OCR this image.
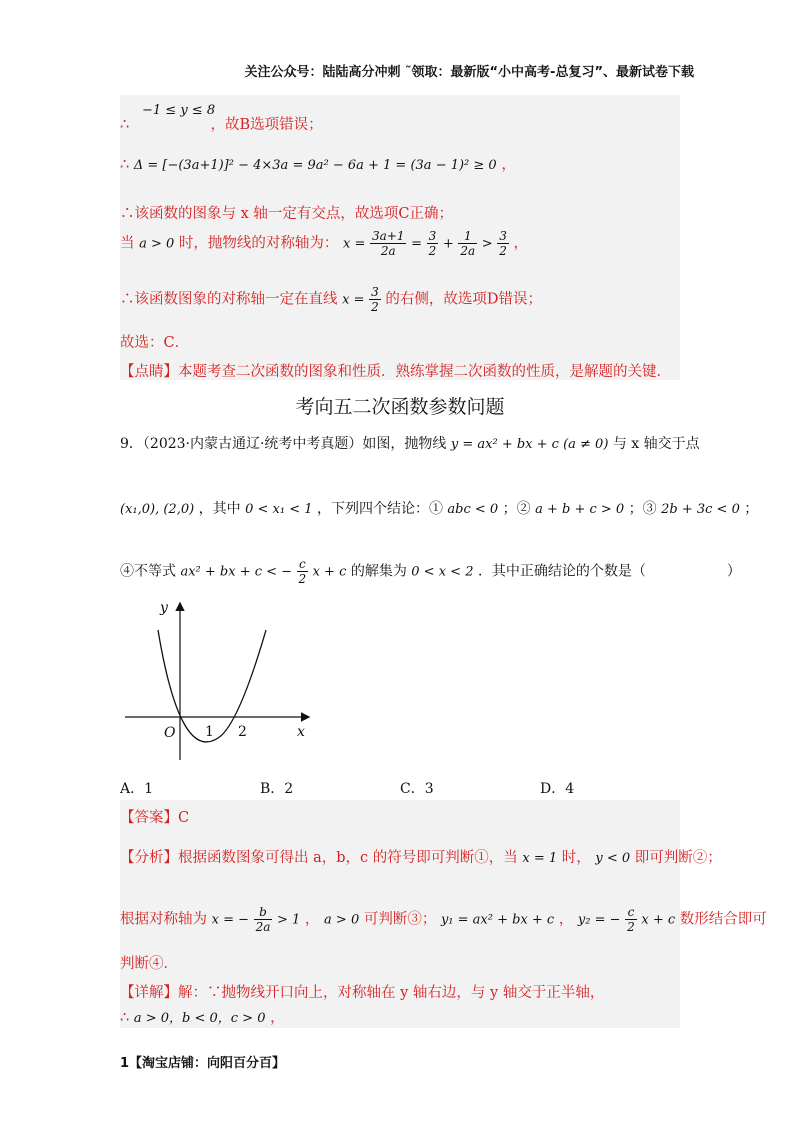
关注公众号：陆陆高分冲刺 ˜领取：最新版“小中高考-总复习”、最新试卷下载
−1 ≤ y ≤ 8
∴	，故B选项错误；
∴ Δ = [−(3a+1)]² − 4×3a = 9a² − 6a + 1 = (3a − 1)² ≥ 0 ，
∴该函数的图象与 x 轴一定有交点，故选项C正确；
当 a > 0 时，抛物线的对称轴为： $x = \frac{3a+1}{2a} = \frac{3}{2} + \frac{1}{2a} > \frac{3}{2}$ ，
∴该函数图象的对称轴一定在直线 $x = \frac{3}{2}$ 的右侧，故选项D错误；
故选：C．
【点睛】本题考查二次函数的图象和性质．熟练掌握二次函数的性质，是解题的关键．
考向五二次函数参数问题
9．（2023·内蒙古通辽·统考中考真题）如图，抛物线 y = ax² + bx + c (a ≠ 0) 与 x 轴交于点
(x₁,0), (2,0) ，其中 0 < x₁ < 1 ，下列四个结论：① abc < 0 ；② a + b + c > 0 ；③ 2b + 3c < 0 ；
④不等式 ax² + bx + c < − $\frac{c}{2}$ x + c 的解集为 0 < x < 2 ．其中正确结论的个数是（	）
y
x
O 1 2
A．1	B．2	C．3	D．4
【答案】C
【分析】根据函数图象可得出 a，b，c 的符号即可判断①，当 x = 1 时， y < 0 即可判断②；
根据对称轴为 x = − $\frac{b}{2a} > 1$ ， a > 0 可判断③； y₁ = ax² + bx + c ， y₂ = − $\frac{c}{2}$ x + c 数形结合即可
判断④．
【详解】解：∵抛物线开口向上，对称轴在 y 轴右边，与 y 轴交于正半轴，
∴ a > 0，b < 0，c > 0 ，
1【淘宝店铺：向阳百分百】
